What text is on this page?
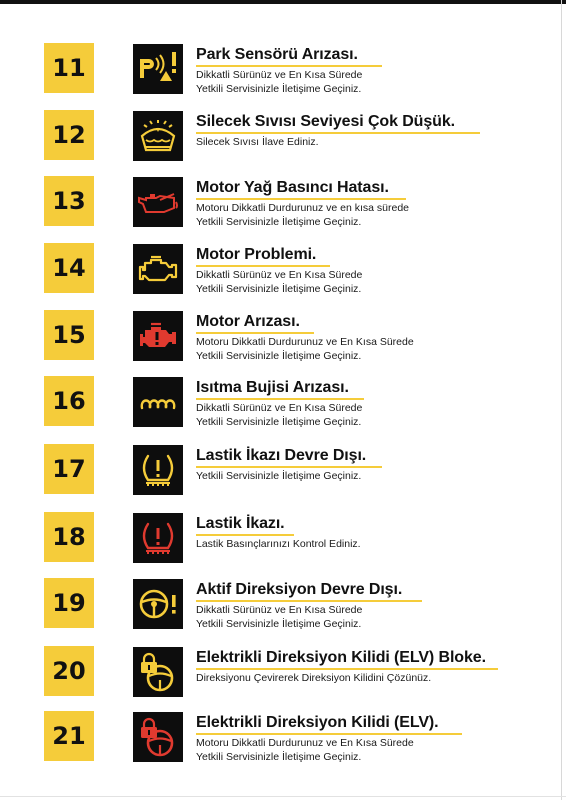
11	Park Sensörü Arızası.
Dikkatli Sürünüz ve En Kısa Sürede
Yetkili Servisinizle İletişime Geçiniz.
12	Silecek Sıvısı Seviyesi Çok Düşük.
Silecek Sıvısı İlave Ediniz.
13	Motor Yağ Basıncı Hatası.
Motoru Dikkatli Durdurunuz ve en kısa sürede
Yetkili Servisinizle İletişime Geçiniz.
14	Motor Problemi.
Dikkatli Sürünüz ve En Kısa Sürede
Yetkili Servisinizle İletişime Geçiniz.
15	Motor Arızası.
Motoru Dikkatli Durdurunuz ve En Kısa Sürede
Yetkili Servisinizle İletişime Geçiniz.
16	Isıtma Bujisi Arızası.
Dikkatli Sürünüz ve En Kısa Sürede
Yetkili Servisinizle İletişime Geçiniz.
17	Lastik İkazı Devre Dışı.
Yetkili Servisinizle İletişime Geçiniz.
18	Lastik İkazı.
Lastik Basınçlarınızı Kontrol Ediniz.
19	Aktif Direksiyon Devre Dışı.
Dikkatli Sürünüz ve En Kısa Sürede
Yetkili Servisinizle İletişime Geçiniz.
20	Elektrikli Direksiyon Kilidi (ELV) Bloke.
Direksiyonu Çevirerek Direksiyon Kilidini Çözünüz.
21	Elektrikli Direksiyon Kilidi (ELV).
Motoru Dikkatli Durdurunuz ve En Kısa Sürede
Yetkili Servisinizle İletişime Geçiniz.
